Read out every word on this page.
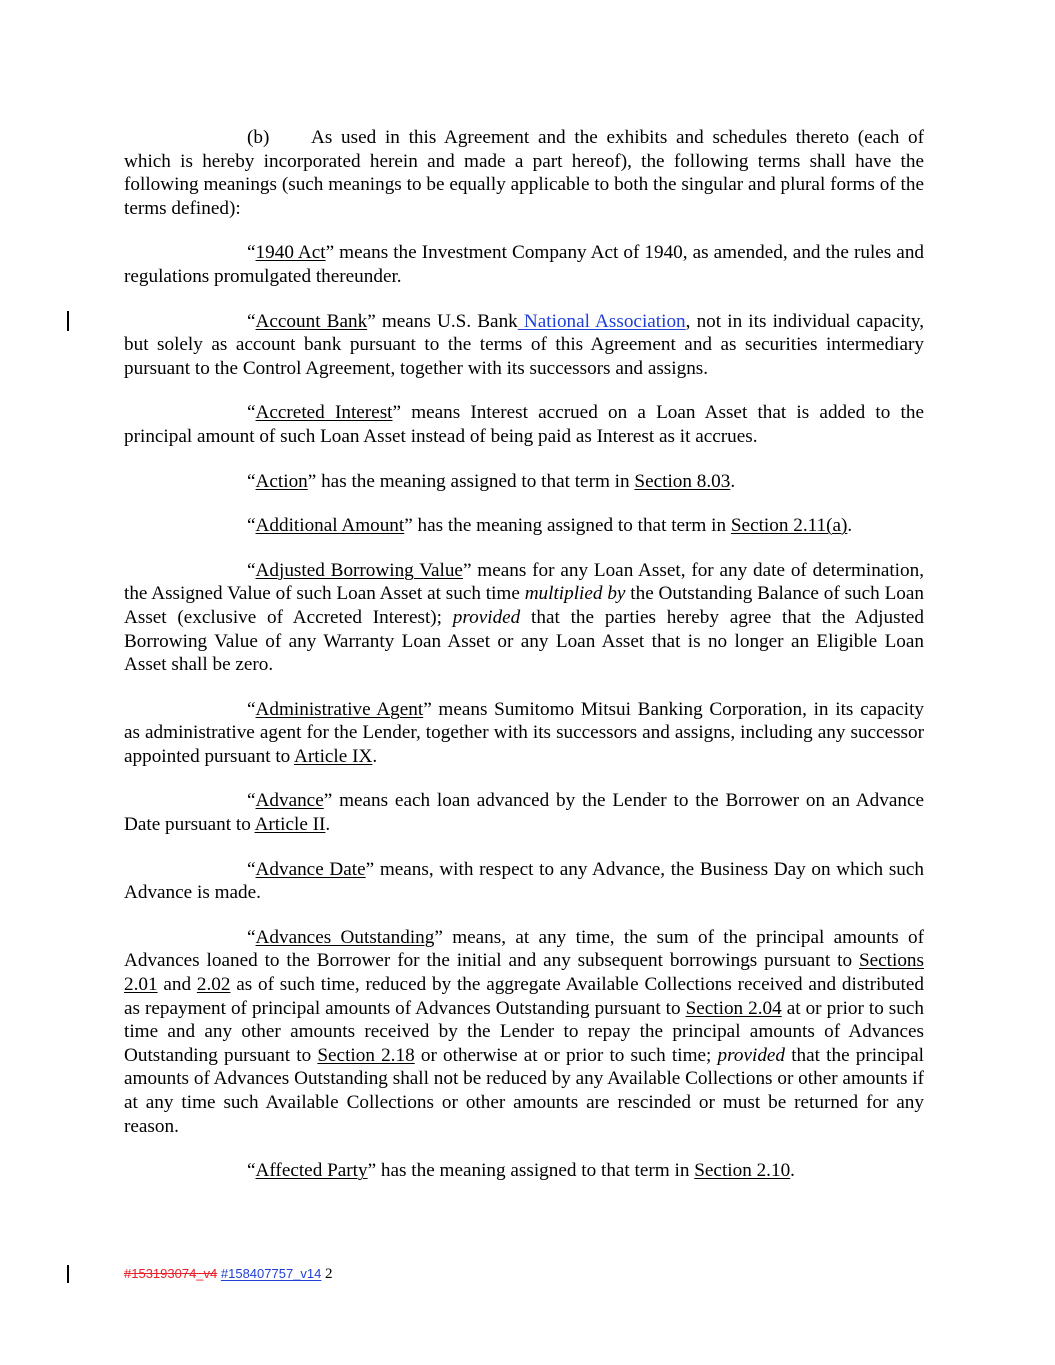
(b) As used in this Agreement and the exhibits and schedules thereto (each of which is hereby incorporated herein and made a part hereof), the following terms shall have the following meanings (such meanings to be equally applicable to both the singular and plural forms of the terms defined):

“1940 Act” means the Investment Company Act of 1940, as amended, and the rules and regulations promulgated thereunder.

“Account Bank” means U.S. Bank National Association, not in its individual capacity, but solely as account bank pursuant to the terms of this Agreement and as securities intermediary pursuant to the Control Agreement, together with its successors and assigns.

“Accreted Interest” means Interest accrued on a Loan Asset that is added to the principal amount of such Loan Asset instead of being paid as Interest as it accrues.

“Action” has the meaning assigned to that term in Section 8.03.

“Additional Amount” has the meaning assigned to that term in Section 2.11(a).

“Adjusted Borrowing Value” means for any Loan Asset, for any date of determination, the Assigned Value of such Loan Asset at such time multiplied by the Outstanding Balance of such Loan Asset (exclusive of Accreted Interest); provided that the parties hereby agree that the Adjusted Borrowing Value of any Warranty Loan Asset or any Loan Asset that is no longer an Eligible Loan Asset shall be zero.

“Administrative Agent” means Sumitomo Mitsui Banking Corporation, in its capacity as administrative agent for the Lender, together with its successors and assigns, including any successor appointed pursuant to Article IX.

“Advance” means each loan advanced by the Lender to the Borrower on an Advance Date pursuant to Article II.

“Advance Date” means, with respect to any Advance, the Business Day on which such Advance is made.

“Advances Outstanding” means, at any time, the sum of the principal amounts of Advances loaned to the Borrower for the initial and any subsequent borrowings pursuant to Sections 2.01 and 2.02 as of such time, reduced by the aggregate Available Collections received and distributed as repayment of principal amounts of Advances Outstanding pursuant to Section 2.04 at or prior to such time and any other amounts received by the Lender to repay the principal amounts of Advances Outstanding pursuant to Section 2.18 or otherwise at or prior to such time; provided that the principal amounts of Advances Outstanding shall not be reduced by any Available Collections or other amounts if at any time such Available Collections or other amounts are rescinded or must be returned for any reason.

“Affected Party” has the meaning assigned to that term in Section 2.10.

#153193074_v4 #158407757_v14 2
